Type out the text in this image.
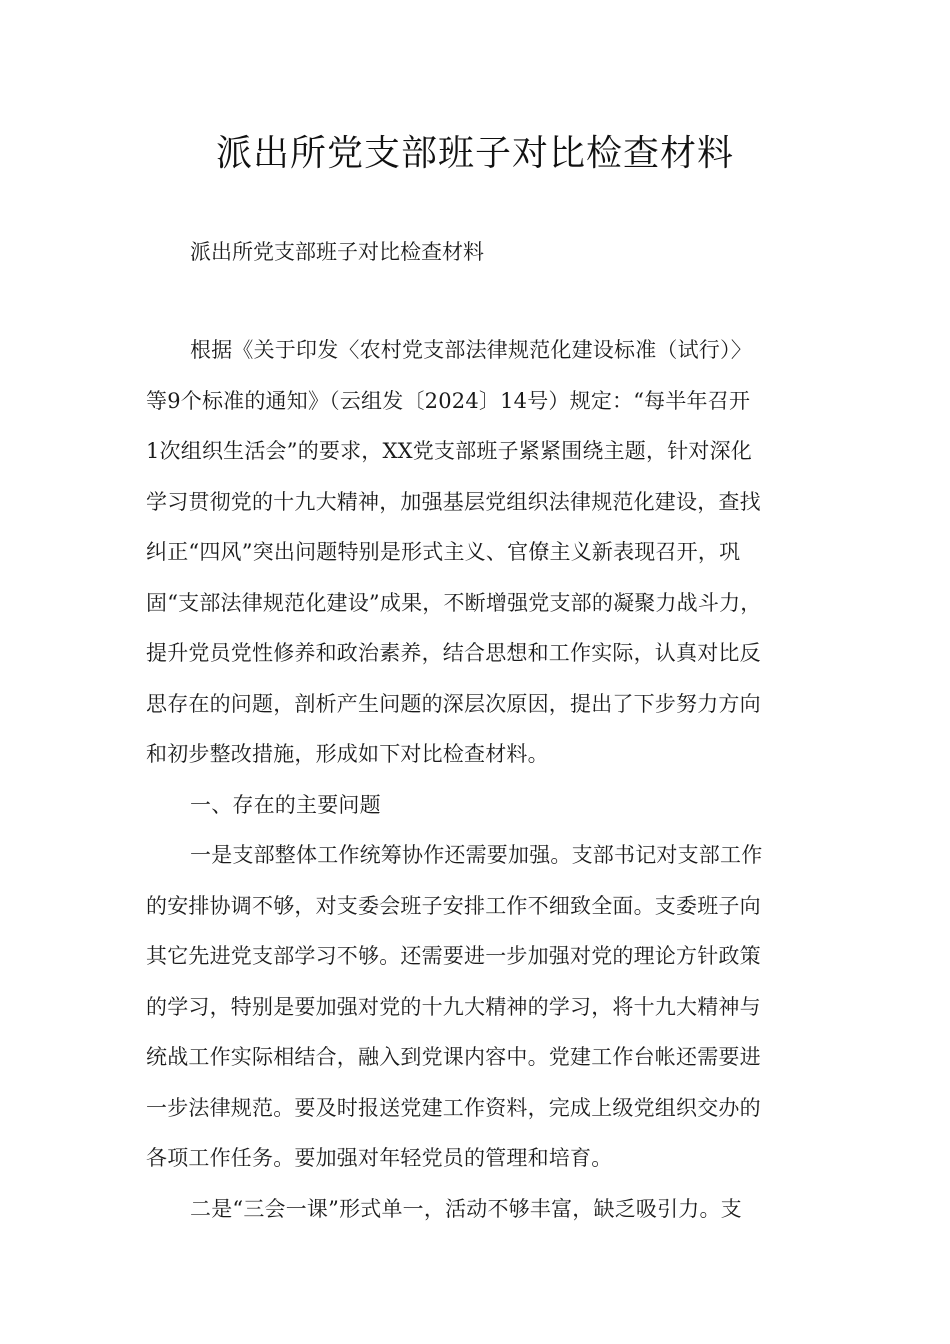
派出所党支部班子对比检查材料
派出所党支部班子对比检查材料
根据《关于印发〈农村党支部法律规范化建设标准（试行）〉
等9个标准的通知》（云组发〔2024〕14号）规定：“每半年召开
1次组织生活会”的要求，XX党支部班子紧紧围绕主题，针对深化
学习贯彻党的十九大精神，加强基层党组织法律规范化建设，查找
纠正“四风”突出问题特别是形式主义、官僚主义新表现召开，巩
固“支部法律规范化建设”成果，不断增强党支部的凝聚力战斗力，
提升党员党性修养和政治素养，结合思想和工作实际，认真对比反
思存在的问题，剖析产生问题的深层次原因，提出了下步努力方向
和初步整改措施，形成如下对比检查材料。
一、存在的主要问题
一是支部整体工作统筹协作还需要加强。支部书记对支部工作
的安排协调不够，对支委会班子安排工作不细致全面。支委班子向
其它先进党支部学习不够。还需要进一步加强对党的理论方针政策
的学习，特别是要加强对党的十九大精神的学习，将十九大精神与
统战工作实际相结合，融入到党课内容中。党建工作台帐还需要进
一步法律规范。要及时报送党建工作资料，完成上级党组织交办的
各项工作任务。要加强对年轻党员的管理和培育。
二是“三会一课”形式单一，活动不够丰富，缺乏吸引力。支
